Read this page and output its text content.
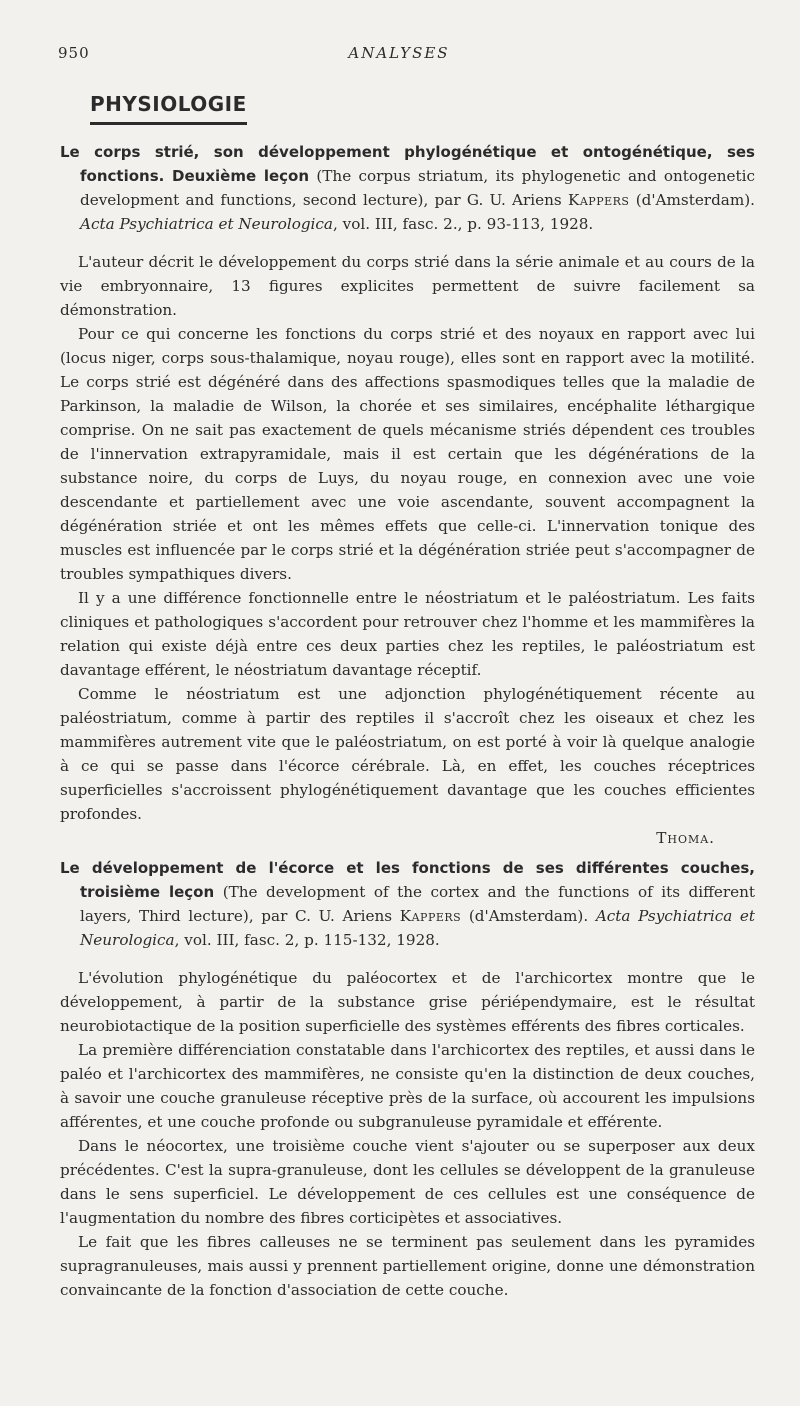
950	ANALYSES
PHYSIOLOGIE

Le corps strié, son développement phylogénétique et ontogénétique, ses fonctions. Deuxième leçon (The corpus striatum, its phylogenetic and ontogenetic development and functions, second lecture), par G. U. Ariens Kappers (d'Amsterdam). Acta Psychiatrica et Neurologica, vol. III, fasc. 2., p. 93-113, 1928.

L'auteur décrit le développement du corps strié dans la série animale et au cours de la vie embryonnaire, 13 figures explicites permettent de suivre facilement sa démonstration.

Pour ce qui concerne les fonctions du corps strié et des noyaux en rapport avec lui (locus niger, corps sous-thalamique, noyau rouge), elles sont en rapport avec la motilité. Le corps strié est dégénéré dans des affections spasmodiques telles que la maladie de Parkinson, la maladie de Wilson, la chorée et ses similaires, encéphalite léthargique comprise. On ne sait pas exactement de quels mécanisme striés dépendent ces troubles de l'innervation extrapyramidale, mais il est certain que les dégénérations de la substance noire, du corps de Luys, du noyau rouge, en connexion avec une voie descendante et partiellement avec une voie ascendante, souvent accompagnent la dégénération striée et ont les mêmes effets que celle-ci. L'innervation tonique des muscles est influencée par le corps strié et la dégénération striée peut s'accompagner de troubles sympathiques divers.

Il y a une différence fonctionnelle entre le néostriatum et le paléostriatum. Les faits cliniques et pathologiques s'accordent pour retrouver chez l'homme et les mammifères la relation qui existe déjà entre ces deux parties chez les reptiles, le paléostriatum est davantage efférent, le néostriatum davantage réceptif.

Comme le néostriatum est une adjonction phylogénétiquement récente au paléostriatum, comme à partir des reptiles il s'accroît chez les oiseaux et chez les mammifères autrement vite que le paléostriatum, on est porté à voir là quelque analogie à ce qui se passe dans l'écorce cérébrale. Là, en effet, les couches réceptrices superficielles s'accroissent phylogénétiquement davantage que les couches efficientes profondes.

Thoma.

Le développement de l'écorce et les fonctions de ses différentes couches, troisième leçon (The development of the cortex and the functions of its different layers, Third lecture), par C. U. Ariens Kappers (d'Amsterdam). Acta Psychiatrica et Neurologica, vol. III, fasc. 2, p. 115-132, 1928.

L'évolution phylogénétique du paléocortex et de l'archicortex montre que le développement, à partir de la substance grise périépendymaire, est le résultat neurobiotactique de la position superficielle des systèmes efférents des fibres corticales.

La première différenciation constatable dans l'archicortex des reptiles, et aussi dans le paléo et l'archicortex des mammifères, ne consiste qu'en la distinction de deux couches, à savoir une couche granuleuse réceptive près de la surface, où accourent les impulsions afférentes, et une couche profonde ou subgranuleuse pyramidale et efférente.

Dans le néocortex, une troisième couche vient s'ajouter ou se superposer aux deux précédentes. C'est la supra-granuleuse, dont les cellules se développent de la granuleuse dans le sens superficiel. Le développement de ces cellules est une conséquence de l'augmentation du nombre des fibres corticipètes et associatives.

Le fait que les fibres calleuses ne se terminent pas seulement dans les pyramides supragranuleuses, mais aussi y prennent partiellement origine, donne une démonstration convaincante de la fonction d'association de cette couche.
